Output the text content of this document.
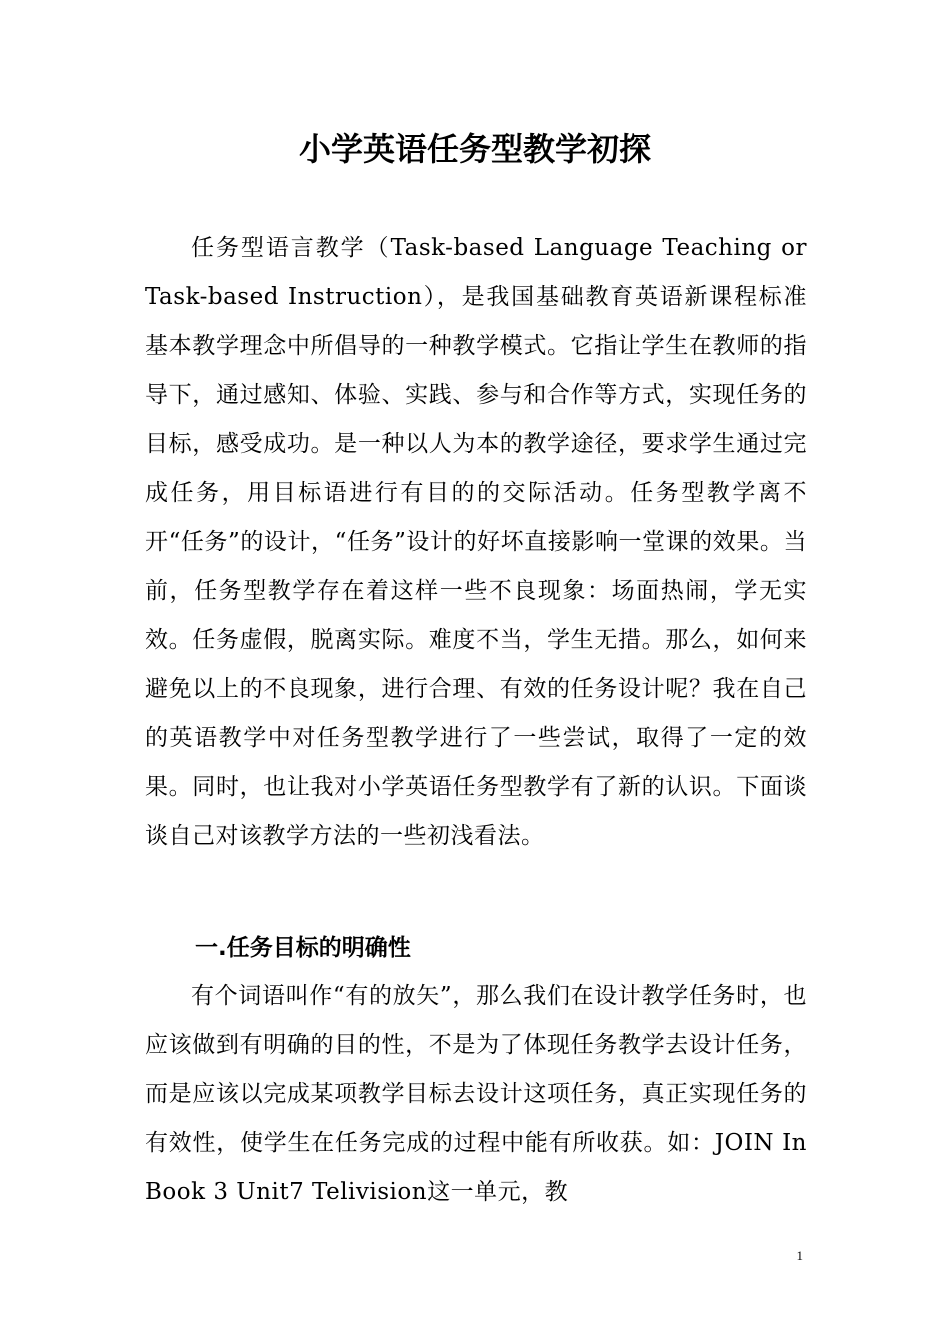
小学英语任务型教学初探

任务型语言教学（Task-based Language Teaching or Task-based Instruction），是我国基础教育英语新课程标准基本教学理念中所倡导的一种教学模式。它指让学生在教师的指导下，通过感知、体验、实践、参与和合作等方式，实现任务的目标，感受成功。是一种以人为本的教学途径，要求学生通过完成任务，用目标语进行有目的的交际活动。任务型教学离不开“任务”的设计，“任务”设计的好坏直接影响一堂课的效果。当前，任务型教学存在着这样一些不良现象：场面热闹，学无实效。任务虚假，脱离实际。难度不当，学生无措。那么，如何来避免以上的不良现象，进行合理、有效的任务设计呢？我在自己的英语教学中对任务型教学进行了一些尝试，取得了一定的效果。同时，也让我对小学英语任务型教学有了新的认识。下面谈谈自己对该教学方法的一些初浅看法。

一.任务目标的明确性

有个词语叫作“有的放矢”，那么我们在设计教学任务时，也应该做到有明确的目的性，不是为了体现任务教学去设计任务，而是应该以完成某项教学目标去设计这项任务，真正实现任务的有效性，使学生在任务完成的过程中能有所收获。如：JOIN In Book 3 Unit7 Telivision这一单元，教

1
